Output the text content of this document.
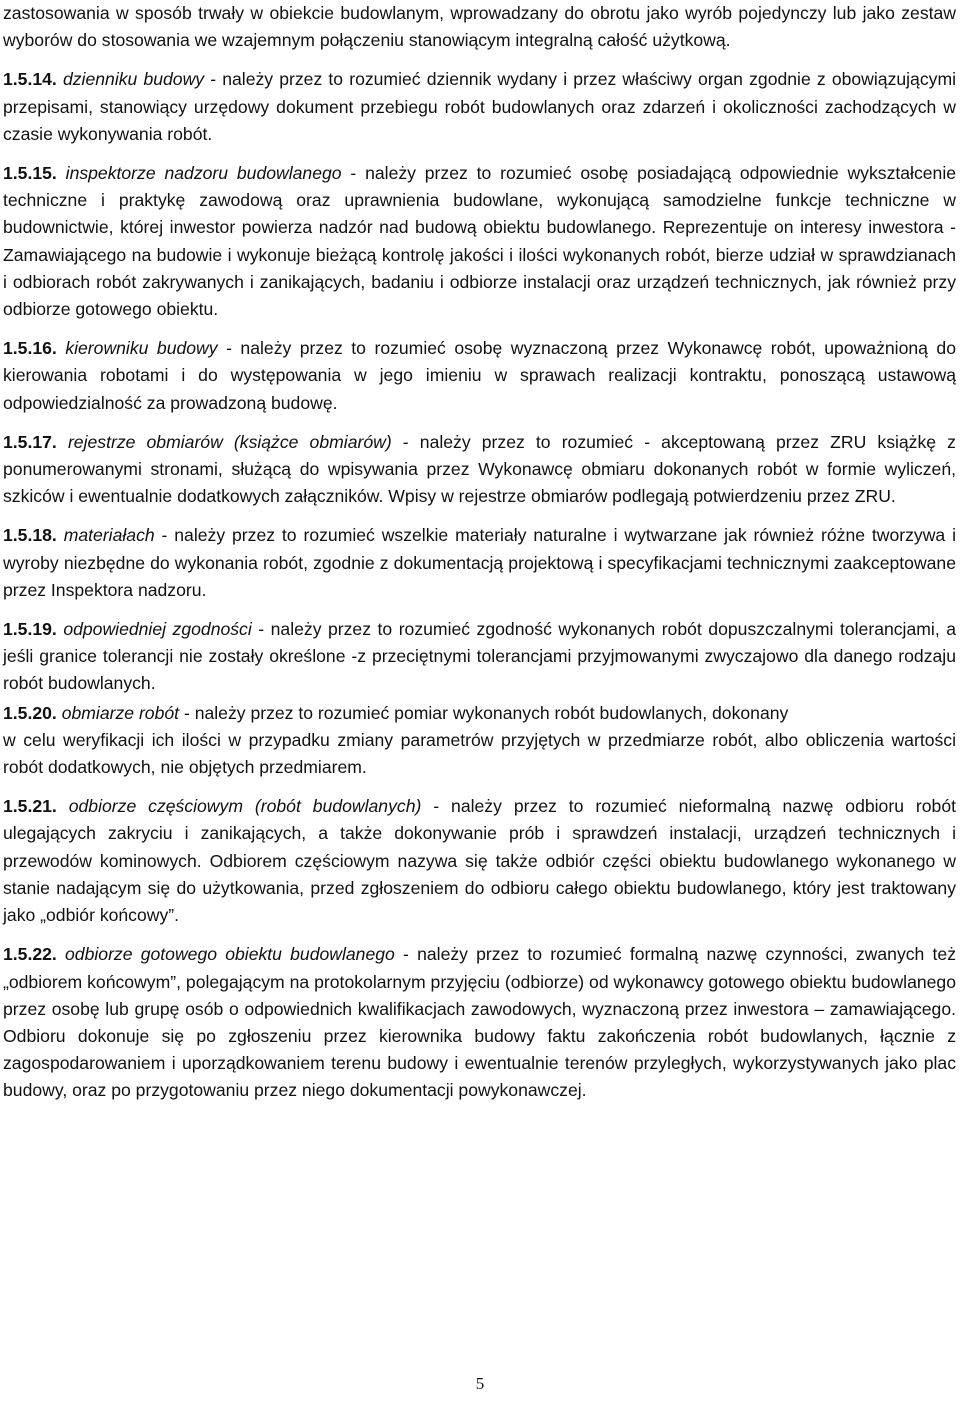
zastosowania w sposób trwały w obiekcie budowlanym, wprowadzany do obrotu jako wyrób pojedynczy lub jako zestaw wyborów do stosowania we wzajemnym połączeniu stanowiącym integralną całość użytkową.

1.5.14. dzienniku budowy - należy przez to rozumieć dziennik wydany i przez właściwy organ zgodnie z obowiązującymi przepisami, stanowiący urzędowy dokument przebiegu robót budowlanych oraz zdarzeń i okoliczności zachodzących w czasie wykonywania robót.

1.5.15. inspektorze nadzoru budowlanego - należy przez to rozumieć osobę posiadającą odpowiednie wykształcenie techniczne i praktykę zawodową oraz uprawnienia budowlane, wykonującą samodzielne funkcje techniczne w budownictwie, której inwestor powierza nadzór nad budową obiektu budowlanego. Reprezentuje on interesy inwestora - Zamawiającego na budowie i wykonuje bieżącą kontrolę jakości i ilości wykonanych robót, bierze udział w sprawdzianach i odbiorach robót zakrywanych i zanikających, badaniu i odbiorze instalacji oraz urządzeń technicznych, jak również przy odbiorze gotowego obiektu.

1.5.16. kierowniku budowy - należy przez to rozumieć osobę wyznaczoną przez Wykonawcę robót, upoważnioną do kierowania robotami i do występowania w jego imieniu w sprawach realizacji kontraktu, ponoszącą ustawową odpowiedzialność za prowadzoną budowę.

1.5.17. rejestrze obmiarów (książce obmiarów) - należy przez to rozumieć - akceptowaną przez ZRU książkę z ponumerowanymi stronami, służącą do wpisywania przez Wykonawcę obmiaru dokonanych robót w formie wyliczeń, szkiców i ewentualnie dodatkowych załączników. Wpisy w rejestrze obmiarów podlegają potwierdzeniu przez ZRU.

1.5.18. materiałach - należy przez to rozumieć wszelkie materiały naturalne i wytwarzane jak również różne tworzywa i wyroby niezbędne do wykonania robót, zgodnie z dokumentacją projektową i specyfikacjami technicznymi zaakceptowane przez Inspektora nadzoru.

1.5.19. odpowiedniej zgodności - należy przez to rozumieć zgodność wykonanych robót dopuszczalnymi tolerancjami, a jeśli granice tolerancji nie zostały określone -z przeciętnymi tolerancjami przyjmowanymi zwyczajowo dla danego rodzaju robót budowlanych.

1.5.20. obmiarze robót - należy przez to rozumieć pomiar wykonanych robót budowlanych, dokonany

w celu weryfikacji ich ilości w przypadku zmiany parametrów przyjętych w przedmiarze robót, albo obliczenia wartości robót dodatkowych, nie objętych przedmiarem.

1.5.21. odbiorze częściowym (robót budowlanych) - należy przez to rozumieć nieformalną nazwę odbioru robót ulegających zakryciu i zanikających, a także dokonywanie prób i sprawdzeń instalacji, urządzeń technicznych i przewodów kominowych. Odbiorem częściowym nazywa się także odbiór części obiektu budowlanego wykonanego w stanie nadającym się do użytkowania, przed zgłoszeniem do odbioru całego obiektu budowlanego, który jest traktowany jako „odbiór końcowy”.

1.5.22. odbiorze gotowego obiektu budowlanego - należy przez to rozumieć formalną nazwę czynności, zwanych też „odbiorem końcowym”, polegającym na protokolarnym przyjęciu (odbiorze) od wykonawcy gotowego obiektu budowlanego przez osobę lub grupę osób o odpowiednich kwalifikacjach zawodowych, wyznaczoną przez inwestora – zamawiającego. Odbioru dokonuje się po zgłoszeniu przez kierownika budowy faktu zakończenia robót budowlanych, łącznie z zagospodarowaniem i uporządkowaniem terenu budowy i ewentualnie terenów przyległych, wykorzystywanych jako plac budowy, oraz po przygotowaniu przez niego dokumentacji powykonawczej.

5
